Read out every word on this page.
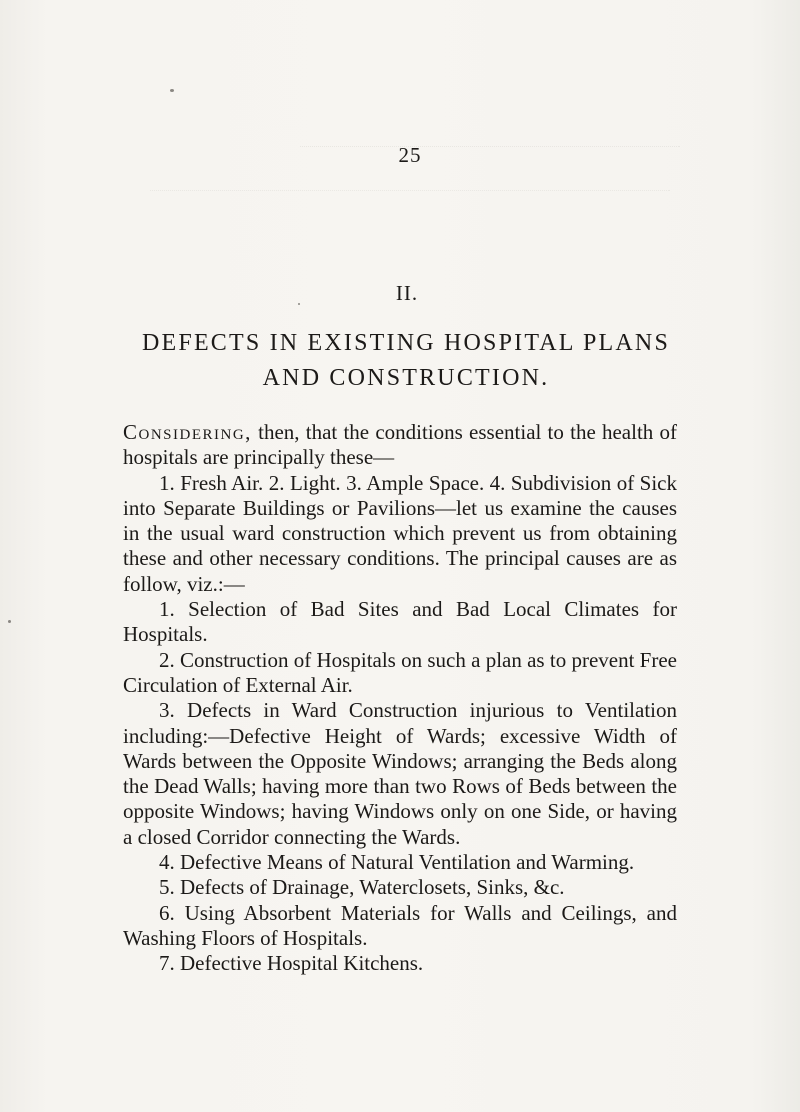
25
II.
DEFECTS IN EXISTING HOSPITAL PLANS
AND CONSTRUCTION.

Considering, then, that the conditions essential to the health of hospitals are principally these—

1. Fresh Air. 2. Light. 3. Ample Space. 4. Subdivision of Sick into Separate Buildings or Pavilions—let us examine the causes in the usual ward construction which prevent us from obtaining these and other necessary conditions. The principal causes are as follow, viz.:—

1. Selection of Bad Sites and Bad Local Climates for Hospitals.

2. Construction of Hospitals on such a plan as to prevent Free Circulation of External Air.

3. Defects in Ward Construction injurious to Ventilation including:—Defective Height of Wards; excessive Width of Wards between the Opposite Windows; arranging the Beds along the Dead Walls; having more than two Rows of Beds between the opposite Windows; having Windows only on one Side, or having a closed Corridor connecting the Wards.

4. Defective Means of Natural Ventilation and Warming.

5. Defects of Drainage, Waterclosets, Sinks, &c.

6. Using Absorbent Materials for Walls and Ceilings, and Washing Floors of Hospitals.

7. Defective Hospital Kitchens.
